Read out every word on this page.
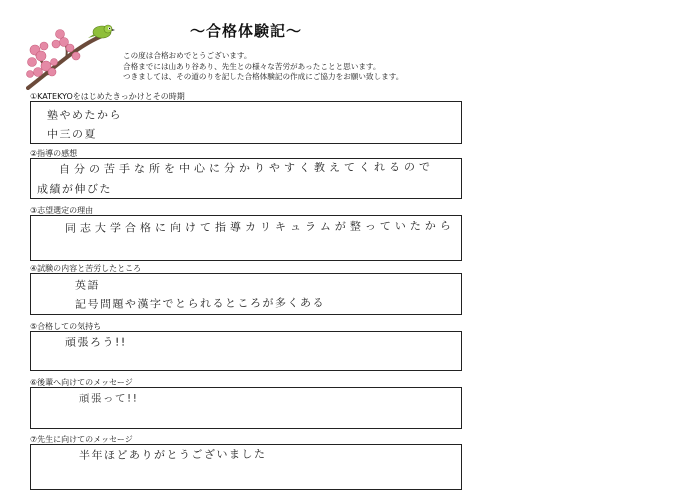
～合格体験記～
この度は合格おめでとうございます。
合格までには山あり谷あり、先生との様々な苦労があったことと思います。
つきましては、その道のりを記した合格体験記の作成にご協力をお願い致します。
①KATEKYOをはじめたきっかけとその時期
塾やめたから
中三の夏
②指導の感想
自分の苦手な所を中心に分かりやすく教えてくれるので
成績が伸びた
③志望選定の理由
同志大学合格に向けて指導カリキュラムが整っていたから
④試験の内容と苦労したところ
英語
記号問題や漢字でとられるところが多くある
⑤合格しての気持ち
頑張ろう!!
⑥後輩へ向けてのメッセージ
頑張って!!
⑦先生に向けてのメッセージ
半年ほどありがとうございました
